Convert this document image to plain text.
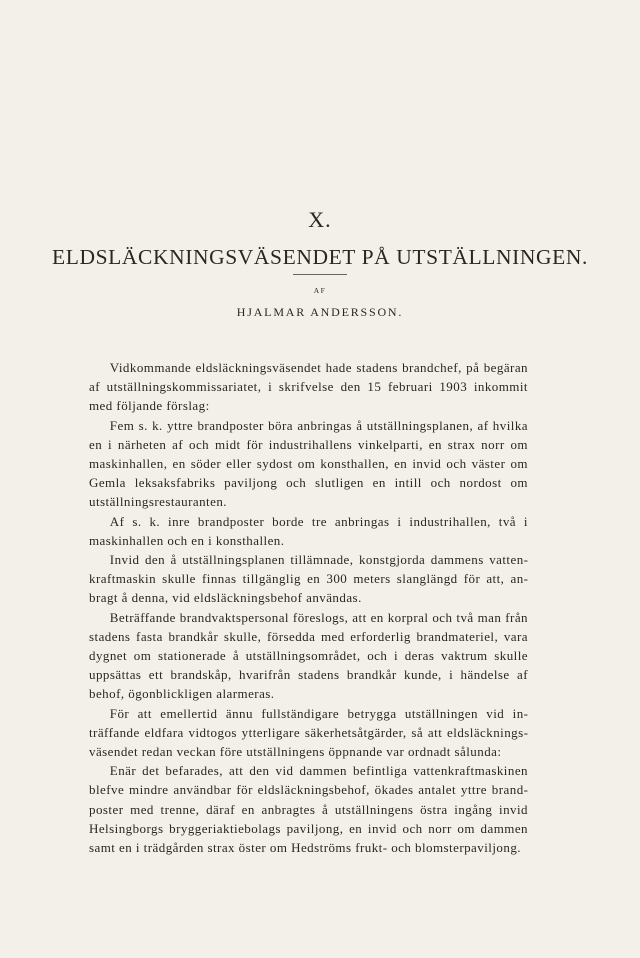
X.
ELDSLÄCKNINGSVÄSENDET PÅ UTSTÄLLNINGEN.
AF
HJALMAR ANDERSSON.

Vidkommande eldsläckningsväsendet hade stadens brandchef, på begäran af utställningskommissariatet, i skrifvelse den 15 februari 1903 inkommit med följande förslag:

Fem s. k. yttre brandposter böra anbringas å utställningsplanen, af hvilka en i närheten af och midt för industrihallens vinkelparti, en strax norr om maskinhallen, en söder eller sydost om konsthallen, en invid och väster om Gemla leksaksfabriks paviljong och slutligen en intill och nordost om utställningsrestauranten.

Af s. k. inre brandposter borde tre anbringas i industrihallen, två i maskinhallen och en i konsthallen.

Invid den å utställningsplanen tillämnade, konstgjorda dammens vattenkraftmaskin skulle finnas tillgänglig en 300 meters slanglängd för att, anbragt å denna, vid eldsläckningsbehof användas.

Beträffande brandvaktspersonal föreslogs, att en korpral och två man från stadens fasta brandkår skulle, försedda med erforderlig brandmateriel, vara dygnet om stationerade å utställningsområdet, och i deras vaktrum skulle uppsättas ett brandskåp, hvarifrån stadens brandkår kunde, i händelse af behof, ögonblickligen alarmeras.

För att emellertid ännu fullständigare betrygga utställningen vid inträffande eldfara vidtogos ytterligare säkerhetsåtgärder, så att eldsläckningsväsendet redan veckan före utställningens öppnande var ordnadt sålunda:

Enär det befarades, att den vid dammen befintliga vattenkraftmaskinen blefve mindre användbar för eldsläckningsbehof, ökades antalet yttre brandposter med trenne, däraf en anbragtes å utställningens östra ingång invid Helsingborgs bryggeriaktiebolags paviljong, en invid och norr om dammen samt en i trädgården strax öster om Hedströms frukt- och blomsterpaviljong.
